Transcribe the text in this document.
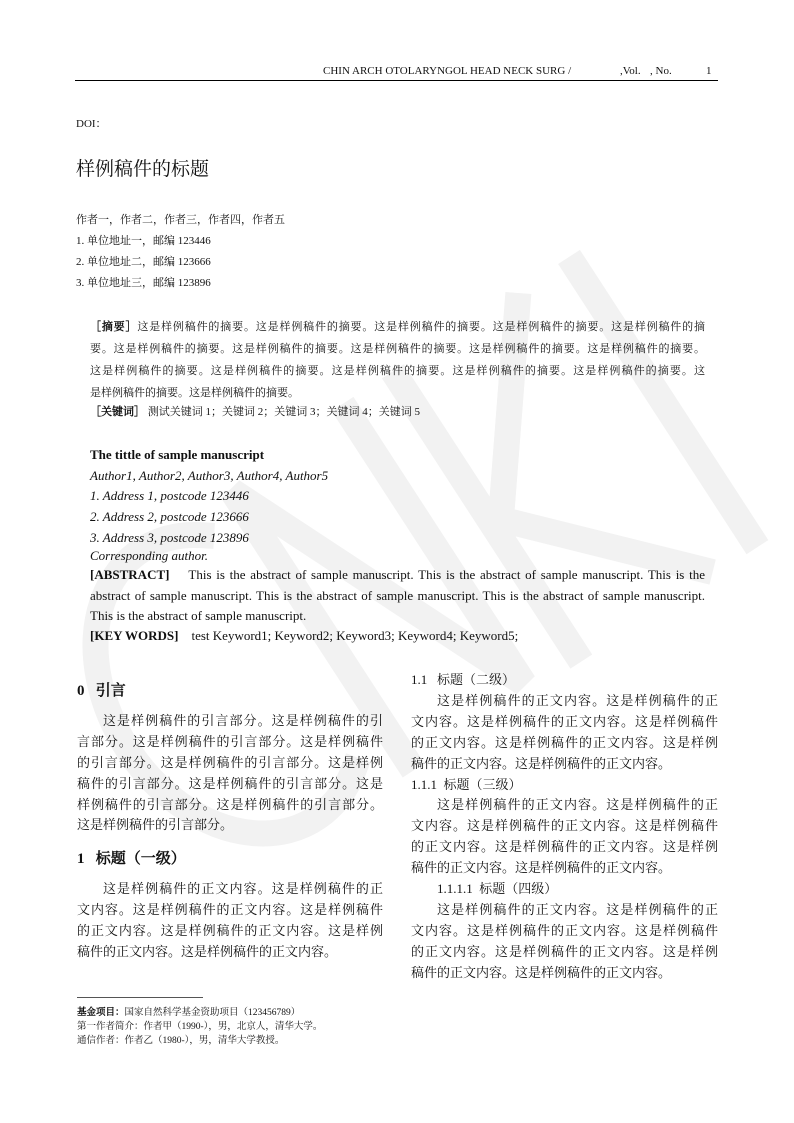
CHIN ARCH OTOLARYNGOL HEAD NECK SURG /	,Vol. , No.	1
DOI：
样例稿件的标题
作者一，作者二，作者三，作者四，作者五
1. 单位地址一，邮编 123446
2. 单位地址二，邮编 123666
3. 单位地址三，邮编 123896
［摘要］这是样例稿件的摘要。这是样例稿件的摘要。这是样例稿件的摘要。这是样例稿件的摘要。这是样例稿件的摘
要。这是样例稿件的摘要。这是样例稿件的摘要。这是样例稿件的摘要。这是样例稿件的摘要。这是样例稿件的摘要。
这是样例稿件的摘要。这是样例稿件的摘要。这是样例稿件的摘要。这是样例稿件的摘要。这是样例稿件的摘要。这
是样例稿件的摘要。这是样例稿件的摘要。
［关键词］ 测试关键词 1；关键词 2；关键词 3；关键词 4；关键词 5
The tittle of sample manuscript
Author1, Author2, Author3, Author4, Author5
1. Address 1, postcode 123446
2. Address 2, postcode 123666
3. Address 3, postcode 123896
Corresponding author.
[ABSTRACT]    This is the abstract of sample manuscript. This is the abstract of sample manuscript. This is the
abstract of sample manuscript. This is the abstract of sample manuscript. This is the abstract of sample manuscript.
This is the abstract of sample manuscript.
[KEY WORDS] test Keyword1; Keyword2; Keyword3; Keyword4; Keyword5;
0   引言
这是样例稿件的引言部分。这是样例稿件的引
言部分。这是样例稿件的引言部分。这是样例稿件
的引言部分。这是样例稿件的引言部分。这是样例
稿件的引言部分。这是样例稿件的引言部分。这是
样例稿件的引言部分。这是样例稿件的引言部分。
这是样例稿件的引言部分。
1   标题（一级）
这是样例稿件的正文内容。这是样例稿件的正
文内容。这是样例稿件的正文内容。这是样例稿件
的正文内容。这是样例稿件的正文内容。这是样例
稿件的正文内容。这是样例稿件的正文内容。
1.1   标题（二级）
这是样例稿件的正文内容。这是样例稿件的正
文内容。这是样例稿件的正文内容。这是样例稿件
的正文内容。这是样例稿件的正文内容。这是样例
稿件的正文内容。这是样例稿件的正文内容。
1.1.1  标题（三级）
这是样例稿件的正文内容。这是样例稿件的正
文内容。这是样例稿件的正文内容。这是样例稿件
的正文内容。这是样例稿件的正文内容。这是样例
稿件的正文内容。这是样例稿件的正文内容。
1.1.1.1  标题（四级）
这是样例稿件的正文内容。这是样例稿件的正
文内容。这是样例稿件的正文内容。这是样例稿件
的正文内容。这是样例稿件的正文内容。这是样例
稿件的正文内容。这是样例稿件的正文内容。
基金项目：国家自然科学基金资助项目（123456789）
第一作者简介：作者甲（1990-），男，北京人，清华大学。
通信作者：作者乙（1980-），男，清华大学教授。
